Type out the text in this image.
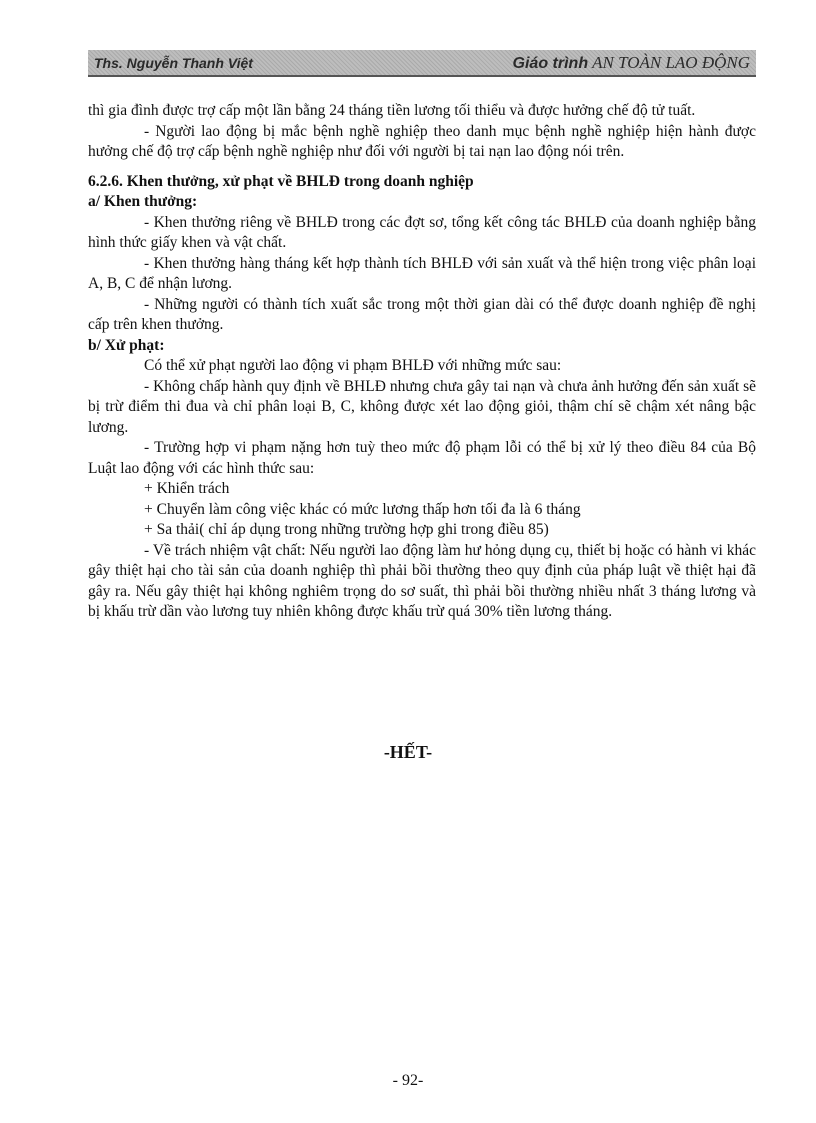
Ths. Nguyễn Thanh Việt	Giáo trình AN TOÀN LAO ĐỘNG

thì gia đình được trợ cấp một lần bằng 24 tháng tiền lương tối thiểu và được hưởng chế độ tử tuất.

- Người lao động bị mắc bệnh nghề nghiệp theo danh mục bệnh nghề nghiệp hiện hành được hưởng chế độ trợ cấp bệnh nghề nghiệp như đối với người bị tai nạn lao động nói trên.

6.2.6. Khen thưởng, xử phạt về BHLĐ trong doanh nghiệp

a/ Khen thưởng:

- Khen thưởng riêng về BHLĐ trong các đợt sơ, tổng kết công tác BHLĐ của doanh nghiệp bằng hình thức giấy khen và vật chất.

- Khen thưởng hàng tháng kết hợp thành tích BHLĐ với sản xuất và thể hiện trong việc phân loại A, B, C để nhận lương.

- Những người có thành tích xuất sắc trong một thời gian dài có thể được doanh nghiệp đề nghị cấp trên khen thưởng.

b/ Xử phạt:

Có thể xử phạt người lao động vi phạm BHLĐ với những mức sau:

- Không chấp hành quy định về BHLĐ nhưng chưa gây tai nạn và chưa ảnh hưởng đến sản xuất sẽ bị trừ điểm thi đua và chỉ phân loại B, C, không được xét lao động giỏi, thậm chí sẽ chậm xét nâng bậc lương.

- Trường hợp vi phạm nặng hơn tuỳ theo mức độ phạm lỗi có thể bị xử lý theo điều 84 của Bộ Luật lao động với các hình thức sau:

+ Khiển trách

+ Chuyển làm công việc khác có mức lương thấp hơn tối đa là 6 tháng

+ Sa thải( chỉ áp dụng trong những trường hợp ghi trong điều 85)

- Về trách nhiệm vật chất: Nếu người lao động làm hư hỏng dụng cụ, thiết bị hoặc có hành vi khác gây thiệt hại cho tài sản của doanh nghiệp thì phải bồi thường theo quy định của pháp luật về thiệt hại đã gây ra. Nếu gây thiệt hại không nghiêm trọng do sơ suất, thì phải bồi thường nhiều nhất 3 tháng lương và bị khấu trừ dần vào lương tuy nhiên không được khấu trừ quá 30% tiền lương tháng.

-HẾT-
- 92-
